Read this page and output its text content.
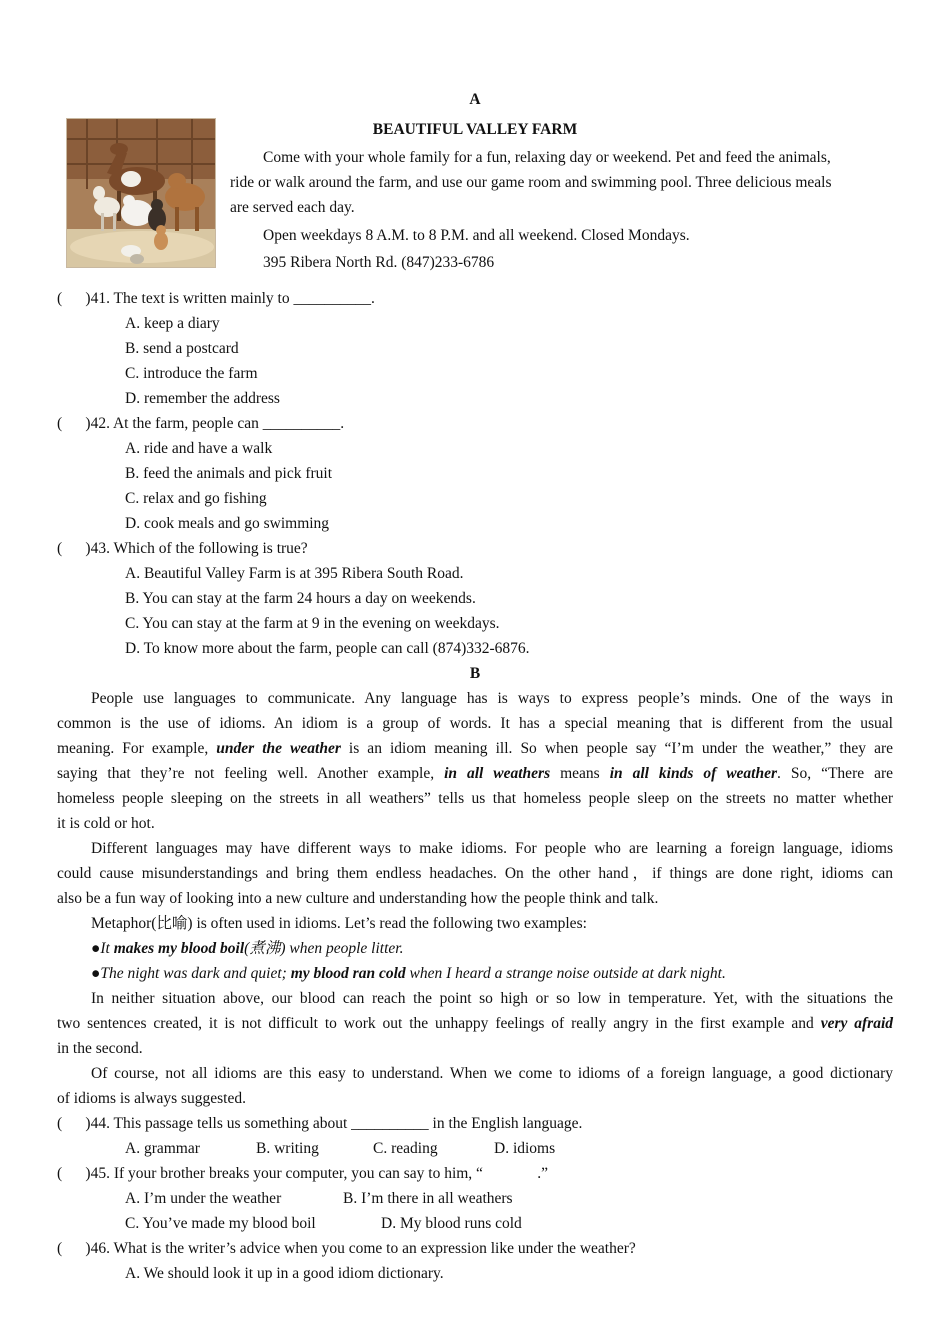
A
BEAUTIFUL VALLEY FARM
Come with your whole family for a fun, relaxing day or weekend. Pet and feed the animals,
ride or walk around the farm, and use our game room and swimming pool. Three delicious meals
are served each day.
Open weekdays 8 A.M. to 8 P.M. and all weekend. Closed Mondays.
395 Ribera North Rd. (847)233-6786
(      )41. The text is written mainly to __________.
A. keep a diary
B. send a postcard
C. introduce the farm
D. remember the address
(      )42. At the farm, people can __________.
A. ride and have a walk
B. feed the animals and pick fruit
C. relax and go fishing
D. cook meals and go swimming
(      )43. Which of the following is true?
A. Beautiful Valley Farm is at 395 Ribera South Road.
B. You can stay at the farm 24 hours a day on weekends.
C. You can stay at the farm at 9 in the evening on weekdays.
D. To know more about the farm, people can call (874)332-6876.
B
People use languages to communicate. Any language has is ways to express people’s minds. One of the ways in
common is the use of idioms. An idiom is a group of words. It has a special meaning that is different from the usual
meaning. For example, under the weather is an idiom meaning ill. So when people say “I’m under the weather,” they are
saying that they’re not feeling well. Another example, in all weathers means in all kinds of weather. So, “There are
homeless people sleeping on the streets in all weathers” tells us that homeless people sleep on the streets no matter whether
it is cold or hot.
Different languages may have different ways to make idioms. For people who are learning a foreign language, idioms
could cause misunderstandings and bring them endless headaches. On the other hand，if things are done right, idioms can
also be a fun way of looking into a new culture and understanding how the people think and talk.
Metaphor(比喻) is often used in idioms. Let’s read the following two examples:
●It makes my blood boil(煮沸) when people litter.
●The night was dark and quiet; my blood ran cold when I heard a strange noise outside at dark night.
In neither situation above, our blood can reach the point so high or so low in temperature. Yet, with the situations the
two sentences created, it is not difficult to work out the unhappy feelings of really angry in the first example and very afraid
in the second.
Of course, not all idioms are this easy to understand. When we come to idioms of a foreign language, a good dictionary
of idioms is always suggested.
(      )44. This passage tells us something about __________ in the English language.
A. grammar	B. writing	C. reading	D. idioms
(      )45. If your brother breaks your computer, you can say to him, “              .”
A. I’m under the weather	B. I’m there in all weathers
C. You’ve made my blood boil	D. My blood runs cold
(      )46. What is the writer’s advice when you come to an expression like under the weather?
A. We should look it up in a good idiom dictionary.
